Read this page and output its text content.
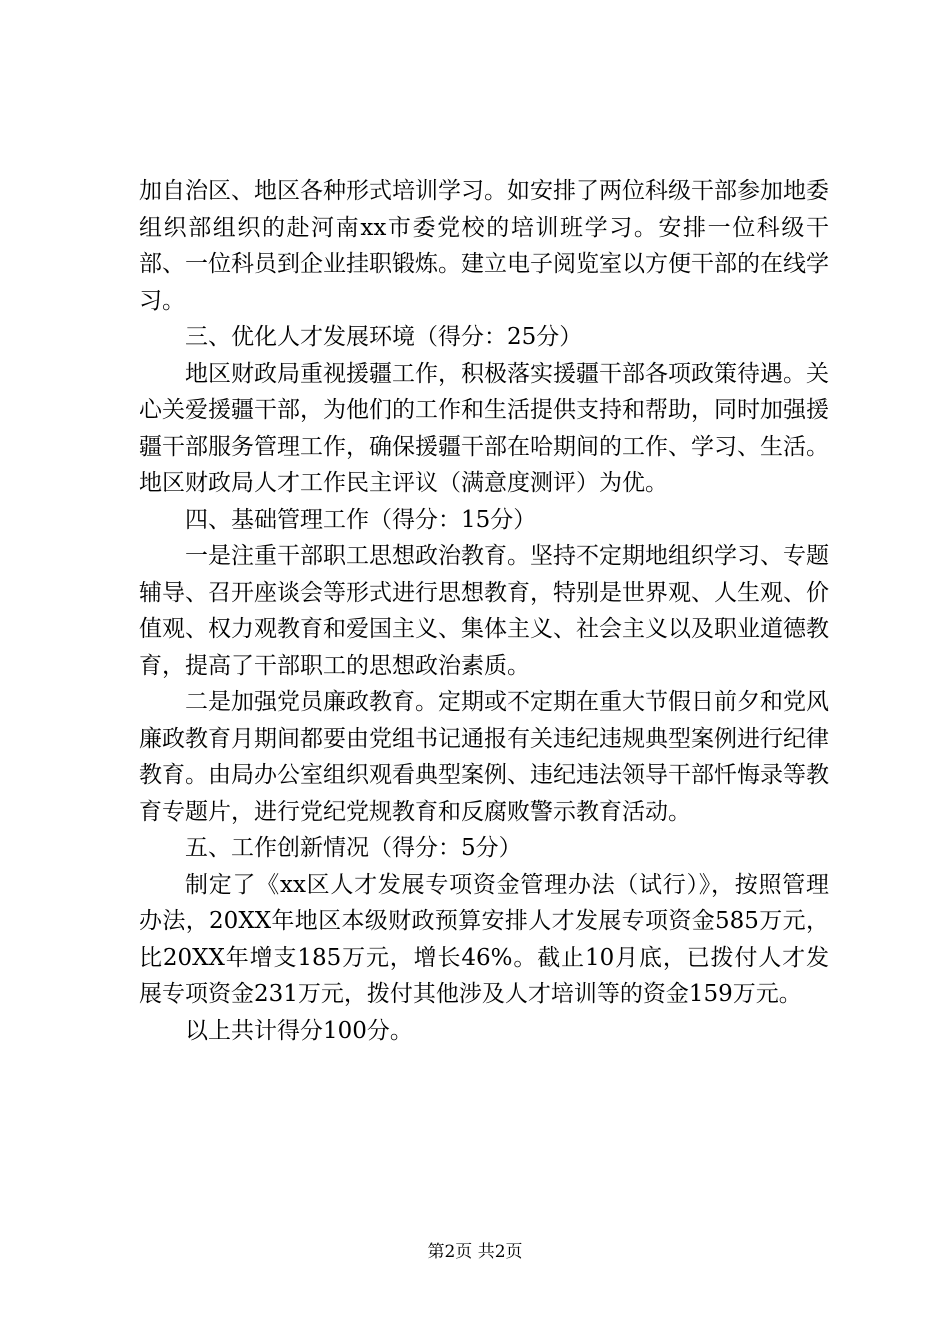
加自治区、地区各种形式培训学习。如安排了两位科级干部参加地委组织部组织的赴河南xx市委党校的培训班学习。安排一位科级干部、一位科员到企业挂职锻炼。建立电子阅览室以方便干部的在线学习。

三、优化人才发展环境（得分：25分）

地区财政局重视援疆工作，积极落实援疆干部各项政策待遇。关心关爱援疆干部，为他们的工作和生活提供支持和帮助，同时加强援疆干部服务管理工作，确保援疆干部在哈期间的工作、学习、生活。地区财政局人才工作民主评议（满意度测评）为优。

四、基础管理工作（得分：15分）

一是注重干部职工思想政治教育。坚持不定期地组织学习、专题辅导、召开座谈会等形式进行思想教育，特别是世界观、人生观、价值观、权力观教育和爱国主义、集体主义、社会主义以及职业道德教育，提高了干部职工的思想政治素质。

二是加强党员廉政教育。定期或不定期在重大节假日前夕和党风廉政教育月期间都要由党组书记通报有关违纪违规典型案例进行纪律教育。由局办公室组织观看典型案例、违纪违法领导干部忏悔录等教育专题片，进行党纪党规教育和反腐败警示教育活动。

五、工作创新情况（得分：5分）

制定了《xx区人才发展专项资金管理办法（试行）》，按照管理办法，20XX年地区本级财政预算安排人才发展专项资金585万元，比20XX年增支185万元，增长46%。截止10月底，已拨付人才发展专项资金231万元，拨付其他涉及人才培训等的资金159万元。

以上共计得分100分。

第2页 共2页
